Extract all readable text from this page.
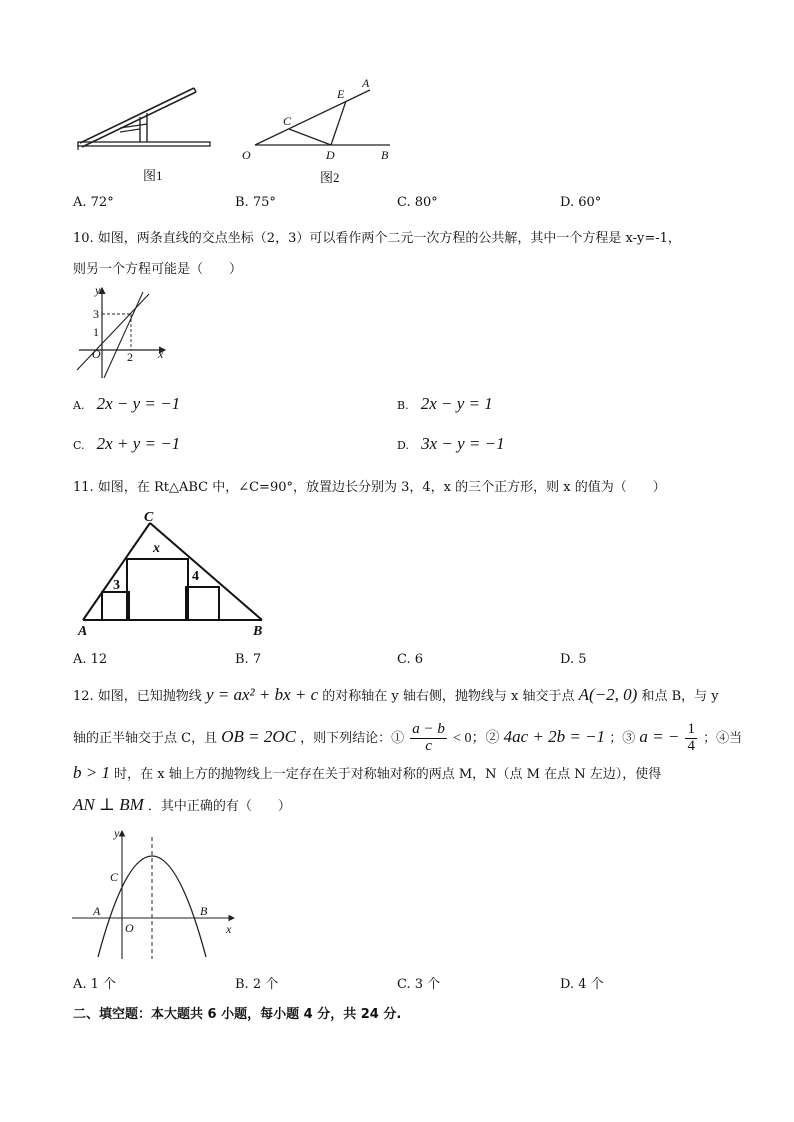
图1
O
C
E
A
D	B
图2
A. 72°	B. 75°	C. 80°	D. 60°
10. 如图，两条直线的交点坐标（2，3）可以看作两个二元一次方程的公共解，其中一个方程是 x-y=-1，
则另一个方程可能是（　　）
y
x
3
1
O 2
A. 2x − y = −1	B. 2x − y = 1
C. 2x + y = −1	D. 3x − y = −1
11. 如图，在 Rt△ABC 中，∠C=90°，放置边长分别为 3，4，x 的三个正方形，则 x 的值为（　　）
C
A	B
x
3
4
A. 12	B. 7	C. 6	D. 5
12. 如图，已知抛物线 y = ax² + bx + c 的对称轴在 y 轴右侧，抛物线与 x 轴交于点 A(−2, 0) 和点 B，与 y
轴的正半轴交于点 C，且 OB = 2OC ，则下列结论：① $\frac{a - b}{c} < 0$；② 4ac + 2b = −1 ；③ a = − $\frac{1}{4}$ ；④当
b > 1 时，在 x 轴上方的抛物线上一定存在关于对称轴对称的两点 M，N（点 M 在点 N 左边），使得
AN ⊥ BM ．其中正确的有（　　）
y
x
C
A	B
O
A. 1 个	B. 2 个	C. 3 个	D. 4 个
二、填空题：本大题共 6 小题，每小题 4 分，共 24 分.
